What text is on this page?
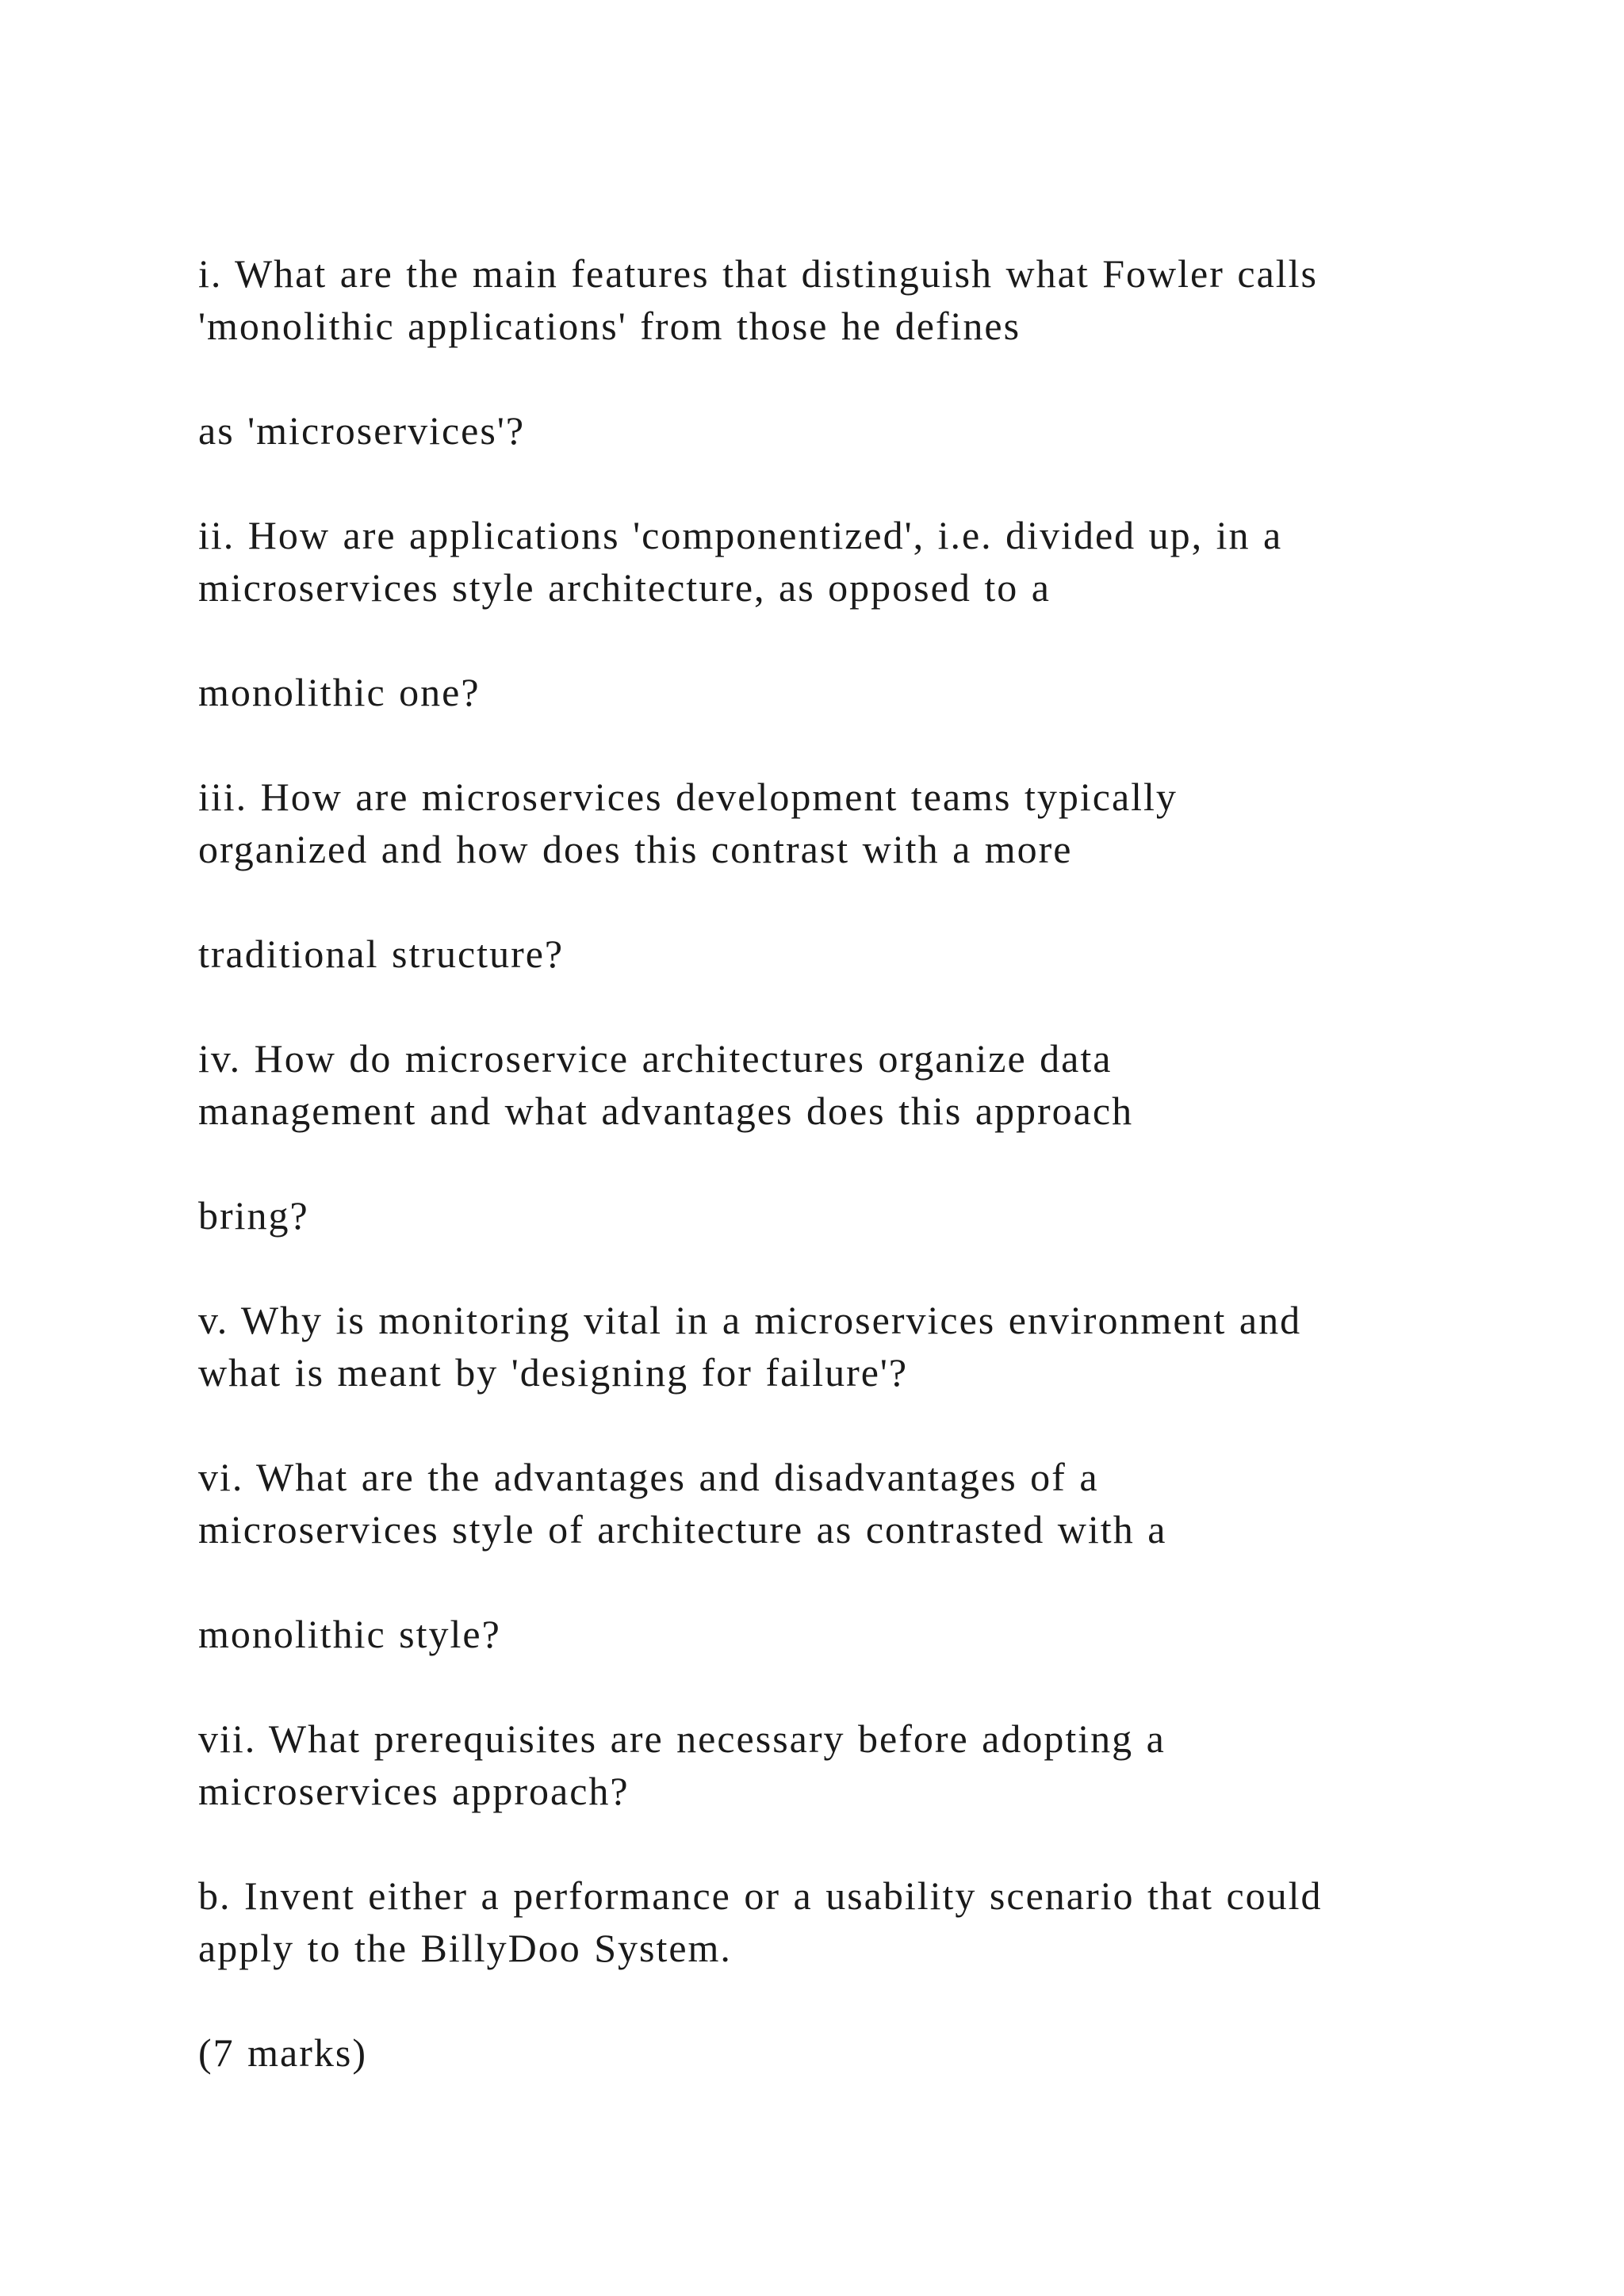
i. What are the main features that distinguish what Fowler calls
'monolithic applications' from those he defines

as 'microservices'?

ii. How are applications 'componentized', i.e. divided up, in a
microservices style architecture, as opposed to a

monolithic one?

iii. How are microservices development teams typically
organized and how does this contrast with a more

traditional structure?

iv. How do microservice architectures organize data
management and what advantages does this approach

bring?

v. Why is monitoring vital in a microservices environment and
what is meant by 'designing for failure'?

vi. What are the advantages and disadvantages of a
microservices style of architecture as contrasted with a

monolithic style?

vii. What prerequisites are necessary before adopting a
microservices approach?

b. Invent either a performance or a usability scenario that could
apply to the BillyDoo System.

(7 marks)
